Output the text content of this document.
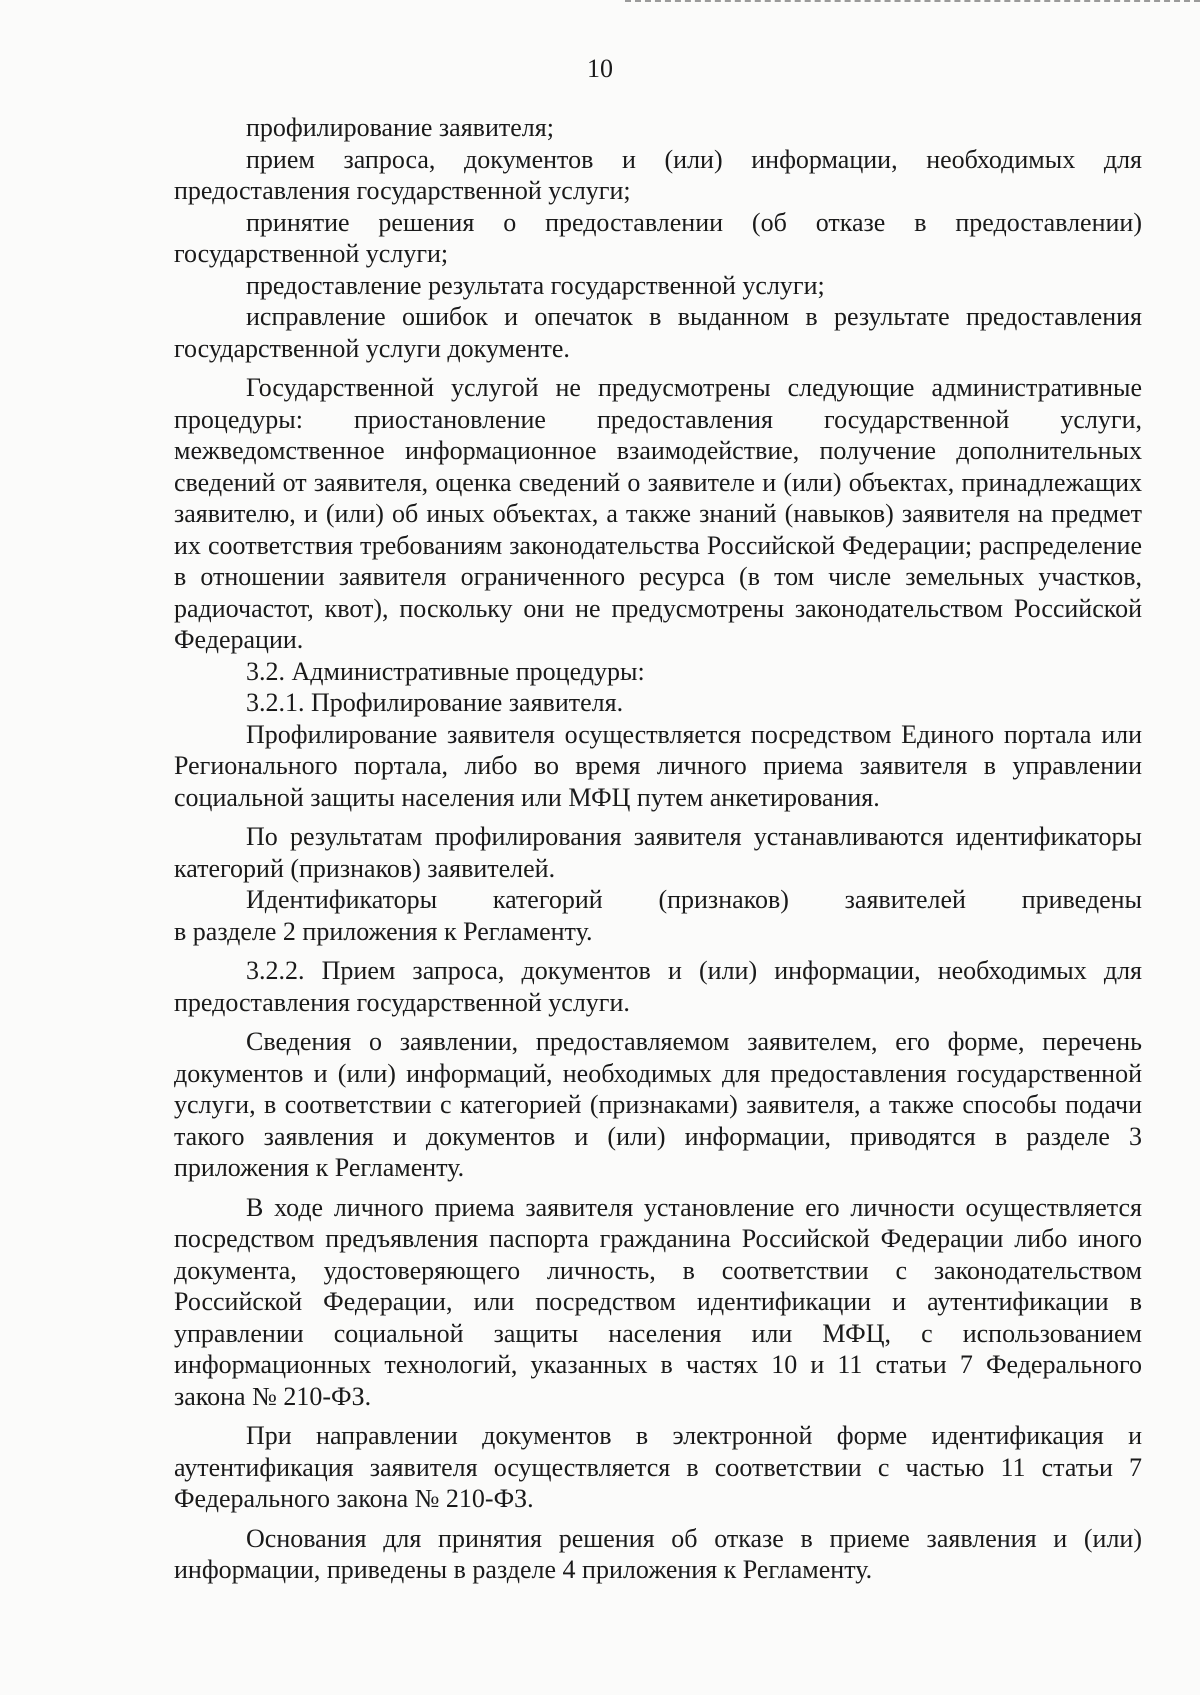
10

профилирование заявителя;

прием запроса, документов и (или) информации, необходимых для предоставления государственной услуги;

принятие решения о предоставлении (об отказе в предоставлении) государственной услуги;

предоставление результата государственной услуги;

исправление ошибок и опечаток в выданном в результате предоставления государственной услуги документе.

Государственной услугой не предусмотрены следующие административные процедуры: приостановление предоставления государственной услуги, межведомственное информационное взаимодействие, получение дополнительных сведений от заявителя, оценка сведений о заявителе и (или) объектах, принадлежащих заявителю, и (или) об иных объектах, а также знаний (навыков) заявителя на предмет их соответствия требованиям законодательства Российской Федерации; распределение в отношении заявителя ограниченного ресурса (в том числе земельных участков, радиочастот, квот), поскольку они не предусмотрены законодательством Российской Федерации.

3.2. Административные процедуры:

3.2.1. Профилирование заявителя.

Профилирование заявителя осуществляется посредством Единого портала или Регионального портала, либо во время личного приема заявителя в управлении социальной защиты населения или МФЦ путем анкетирования.

По результатам профилирования заявителя устанавливаются идентификаторы категорий (признаков) заявителей.

Идентификаторы категорий (признаков) заявителей приведены

в разделе 2 приложения к Регламенту.

3.2.2. Прием запроса, документов и (или) информации, необходимых для предоставления государственной услуги.

Сведения о заявлении, предоставляемом заявителем, его форме, перечень документов и (или) информаций, необходимых для предоставления государственной услуги, в соответствии с категорией (признаками) заявителя, а также способы подачи такого заявления и документов и (или) информации, приводятся в разделе 3 приложения к Регламенту.

В ходе личного приема заявителя установление его личности осуществляется посредством предъявления паспорта гражданина Российской Федерации либо иного документа, удостоверяющего личность, в соответствии с законодательством Российской Федерации, или посредством идентификации и аутентификации в управлении социальной защиты населения или МФЦ, с использованием информационных технологий, указанных в частях 10 и 11 статьи 7 Федерального закона № 210-ФЗ.

При направлении документов в электронной форме идентификация и аутентификация заявителя осуществляется в соответствии с частью 11 статьи 7 Федерального закона № 210-ФЗ.

Основания для принятия решения об отказе в приеме заявления и (или) информации, приведены в разделе 4 приложения к Регламенту.
